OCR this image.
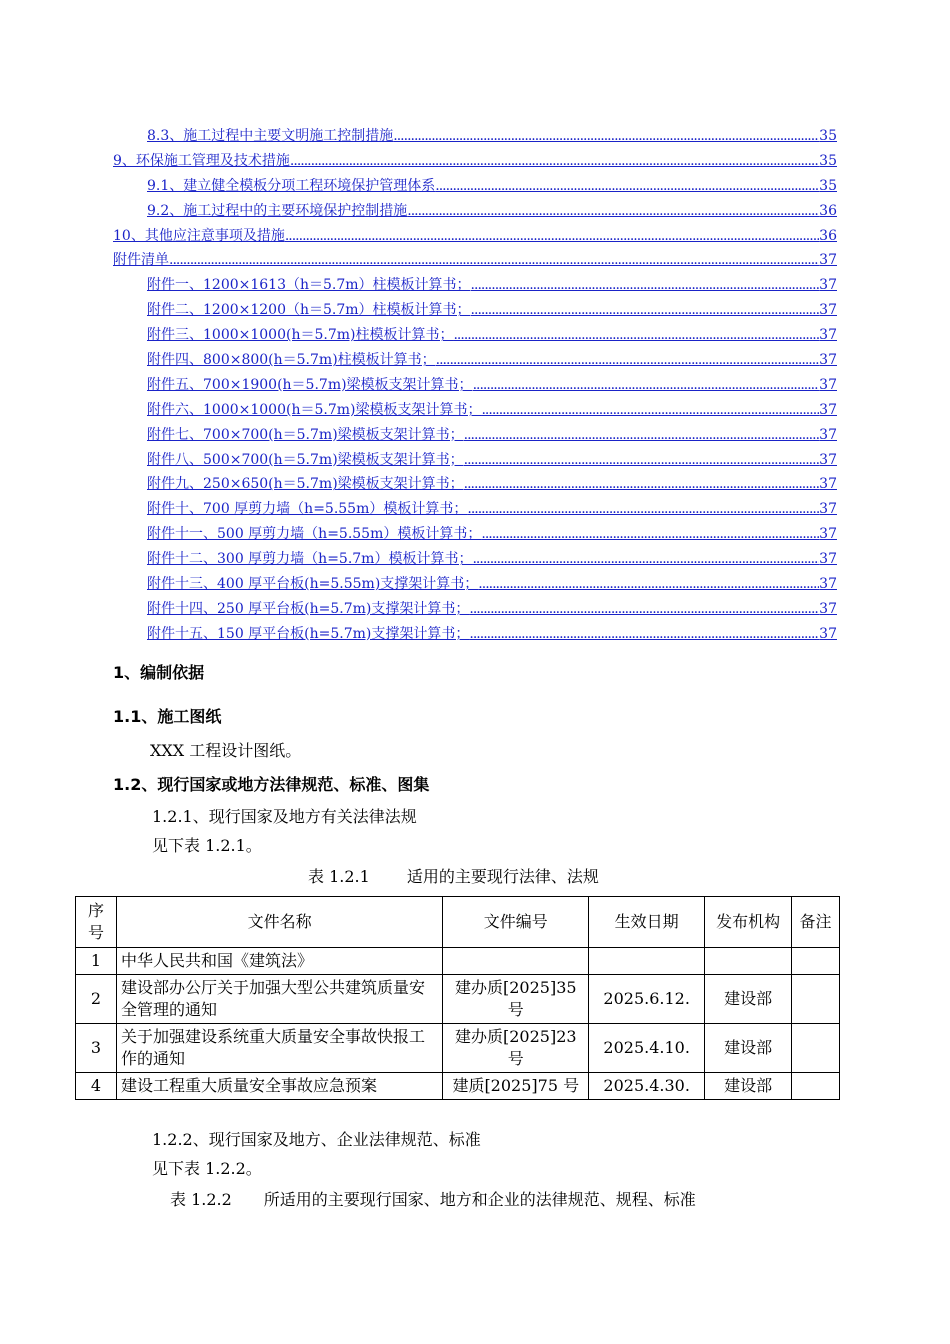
8.3、施工过程中主要文明施工控制措施 .....	35
9、环保施工管理及技术措施 .....	35
9.1、建立健全模板分项工程环境保护管理体系 .....	35
9.2、施工过程中的主要环境保护控制措施 .....	36
10、其他应注意事项及措施 .....	36
附件清单 .....	37
附件一、1200×1613（h＝5.7m）柱模板计算书； .....	37
附件二、1200×1200（h＝5.7m）柱模板计算书； .....	37
附件三、1000×1000(h＝5.7m)柱模板计算书； .....	37
附件四、800×800(h＝5.7m)柱模板计算书； .....	37
附件五、700×1900(h＝5.7m)梁模板支架计算书； .....	37
附件六、1000×1000(h＝5.7m)梁模板支架计算书； .....	37
附件七、700×700(h＝5.7m)梁模板支架计算书； .....	37
附件八、500×700(h＝5.7m)梁模板支架计算书； .....	37
附件九、250×650(h＝5.7m)梁模板支架计算书； .....	37
附件十、700 厚剪力墙（h=5.55m）模板计算书； .....	37
附件十一、500 厚剪力墙（h=5.55m）模板计算书； .....	37
附件十二、300 厚剪力墙（h=5.7m）模板计算书； .....	37
附件十三、400 厚平台板(h=5.55m)支撑架计算书； .....	37
附件十四、250 厚平台板(h=5.7m)支撑架计算书； .....	37
附件十五、150 厚平台板(h=5.7m)支撑架计算书； .....	37
1、编制依据
1.1、施工图纸
XXX 工程设计图纸。
1.2、现行国家或地方法律规范、标准、图集
1.2.1、现行国家及地方有关法律法规
见下表 1.2.1。
表 1.2.1　　 适用的主要现行法律、法规
序号	文件名称	文件编号	生效日期	发布机构	备注
1	中华人民共和国《建筑法》				
2	建设部办公厅关于加强大型公共建筑质量安全管理的通知	建办质[2025]35 号	2025.6.12.	建设部	
3	关于加强建设系统重大质量安全事故快报工作的通知	建办质[2025]23 号	2025.4.10.	建设部	
4	建设工程重大质量安全事故应急预案	建质[2025]75 号	2025.4.30.	建设部	
1.2.2、现行国家及地方、企业法律规范、标准
见下表 1.2.2。
表 1.2.2　　所适用的主要现行国家、地方和企业的法律规范、规程、标准
